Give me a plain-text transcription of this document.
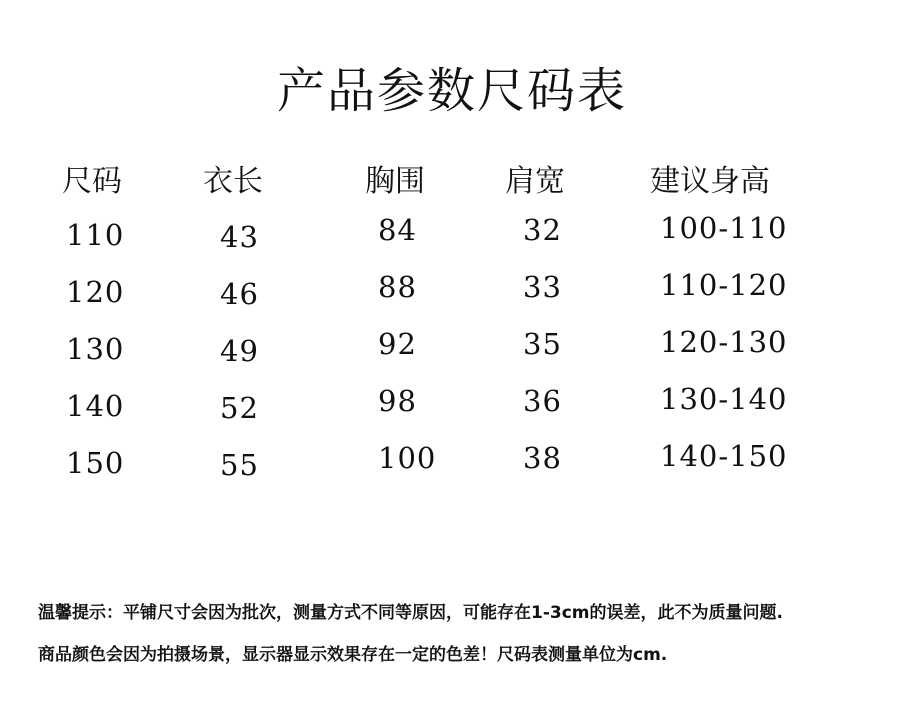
产品参数尺码表
尺码	衣长	胸围	肩宽	建议身高
110	43	84	32	100-110
120	46	88	33	110-120
130	49	92	35	120-130
140	52	98	36	130-140
150	55	100	38	140-150
温馨提示：平铺尺寸会因为批次，测量方式不同等原因，可能存在1-3cm的误差，此不为质量问题.
商品颜色会因为拍摄场景，显示器显示效果存在一定的色差！尺码表测量单位为cm.
